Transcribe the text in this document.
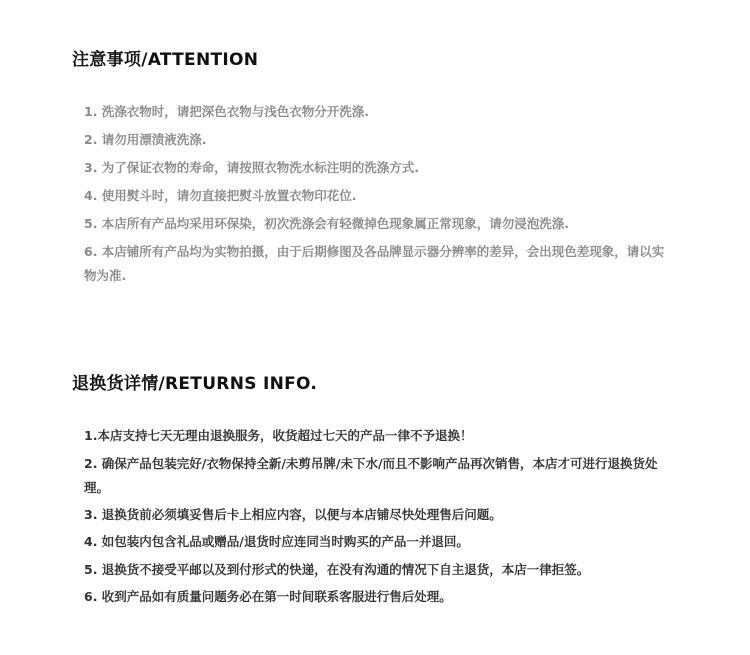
注意事项/ATTENTION
1. 洗涤衣物时，请把深色衣物与浅色衣物分开洗涤.
2. 请勿用漂渍液洗涤.
3. 为了保证衣物的寿命，请按照衣物洗水标注明的洗涤方式.
4. 使用熨斗时，请勿直接把熨斗放置衣物印花位.
5. 本店所有产品均采用环保染，初次洗涤会有轻微掉色现象属正常现象，请勿浸泡洗涤.
6. 本店铺所有产品均为实物拍摄，由于后期修图及各品牌显示器分辨率的差异，会出现色差现象，请以实物为准.
退换货详情/RETURNS INFO.
1.本店支持七天无理由退换服务，收货超过七天的产品一律不予退换！
2. 确保产品包装完好/衣物保持全新/未剪吊牌/未下水/而且不影响产品再次销售，本店才可进行退换货处理。
3. 退换货前必须填妥售后卡上相应内容，以便与本店铺尽快处理售后问题。
4. 如包装内包含礼品或赠品/退货时应连同当时购买的产品一并退回。
5. 退换货不接受平邮以及到付形式的快递，在没有沟通的情况下自主退货，本店一律拒签。
6. 收到产品如有质量问题务必在第一时间联系客服进行售后处理。
